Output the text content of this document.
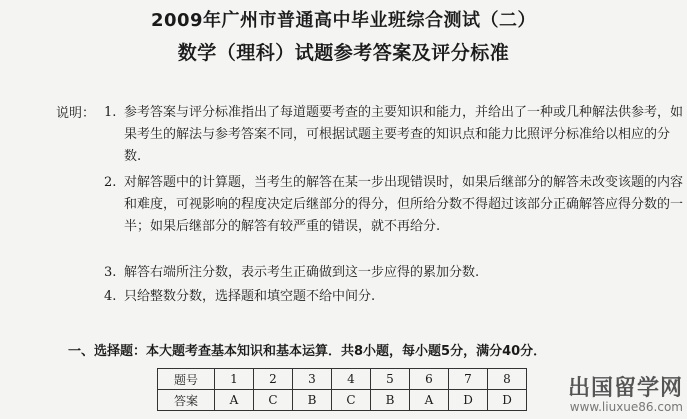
2009年广州市普通高中毕业班综合测试（二）
数学（理科）试题参考答案及评分标准
说明： 1. 参考答案与评分标准指出了每道题要考查的主要知识和能力，并给出了一种或几种解法供参考，如果考生的解法与参考答案不同，可根据试题主要考查的知识点和能力比照评分标准给以相应的分数.
2. 对解答题中的计算题，当考生的解答在某一步出现错误时，如果后继部分的解答未改变该题的内容和难度，可视影响的程度决定后继部分的得分，但所给分数不得超过该部分正确解答应得分数的一半；如果后继部分的解答有较严重的错误，就不再给分.
3. 解答右端所注分数，表示考生正确做到这一步应得的累加分数.
4. 只给整数分数，选择题和填空题不给中间分.
一、选择题：本大题考查基本知识和基本运算．共8小题，每小题5分，满分40分．
题号	1	2	3	4	5	6	7	8
答案	A	C	B	C	B	A	D	D	出国留学网
www.liuxue86.com
